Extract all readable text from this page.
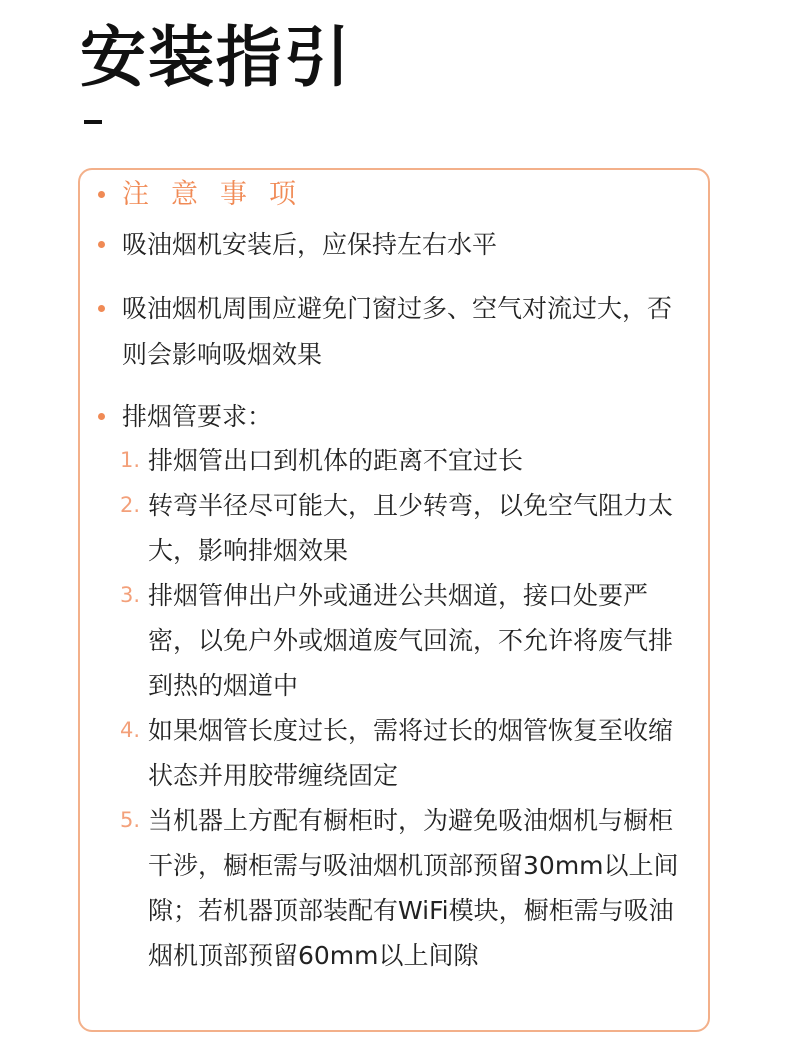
安装指引
注意事项
吸油烟机安装后，应保持左右水平
吸油烟机周围应避免门窗过多、空气对流过大，否则会影响吸烟效果
排烟管要求：
1. 排烟管出口到机体的距离不宜过长
2. 转弯半径尽可能大，且少转弯，以免空气阻力太大，影响排烟效果
3. 排烟管伸出户外或通进公共烟道，接口处要严密，以免户外或烟道废气回流，不允许将废气排到热的烟道中
4. 如果烟管长度过长，需将过长的烟管恢复至收缩状态并用胶带缠绕固定
5. 当机器上方配有橱柜时，为避免吸油烟机与橱柜干涉，橱柜需与吸油烟机顶部预留30mm以上间隙；若机器顶部装配有WiFi模块，橱柜需与吸油烟机顶部预留60mm以上间隙
